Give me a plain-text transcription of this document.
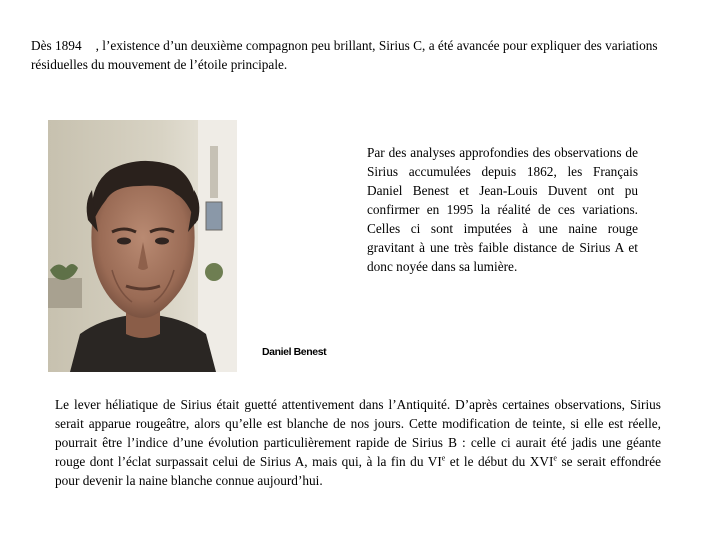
Dès 1894 , l’existence d’un deuxième compagnon peu brillant, Sirius C, a été avancée pour expliquer des variations résiduelles du mouvement de l’étoile principale.

Par des analyses approfondies des observations de Sirius accumulées depuis 1862, les Français Daniel Benest et Jean-Louis Duvent ont pu confirmer en 1995 la réalité de ces variations. Celles ci sont imputées à une naine rouge gravitant à une très faible distance de Sirius A et donc noyée dans sa lumière.

Daniel Benest

Le lever héliatique de Sirius était guetté attentivement dans l’Antiquité. D’après certaines observations, Sirius serait apparue rougeâtre, alors qu’elle est blanche de nos jours. Cette modification de teinte, si elle est réelle, pourrait être l’indice d’une évolution particulièrement rapide de Sirius B : celle ci aurait été jadis une géante rouge dont l’éclat surpassait celui de Sirius A, mais qui, à la fin du VIe et le début du XVIe se serait effondrée pour devenir la naine blanche connue aujourd’hui.
